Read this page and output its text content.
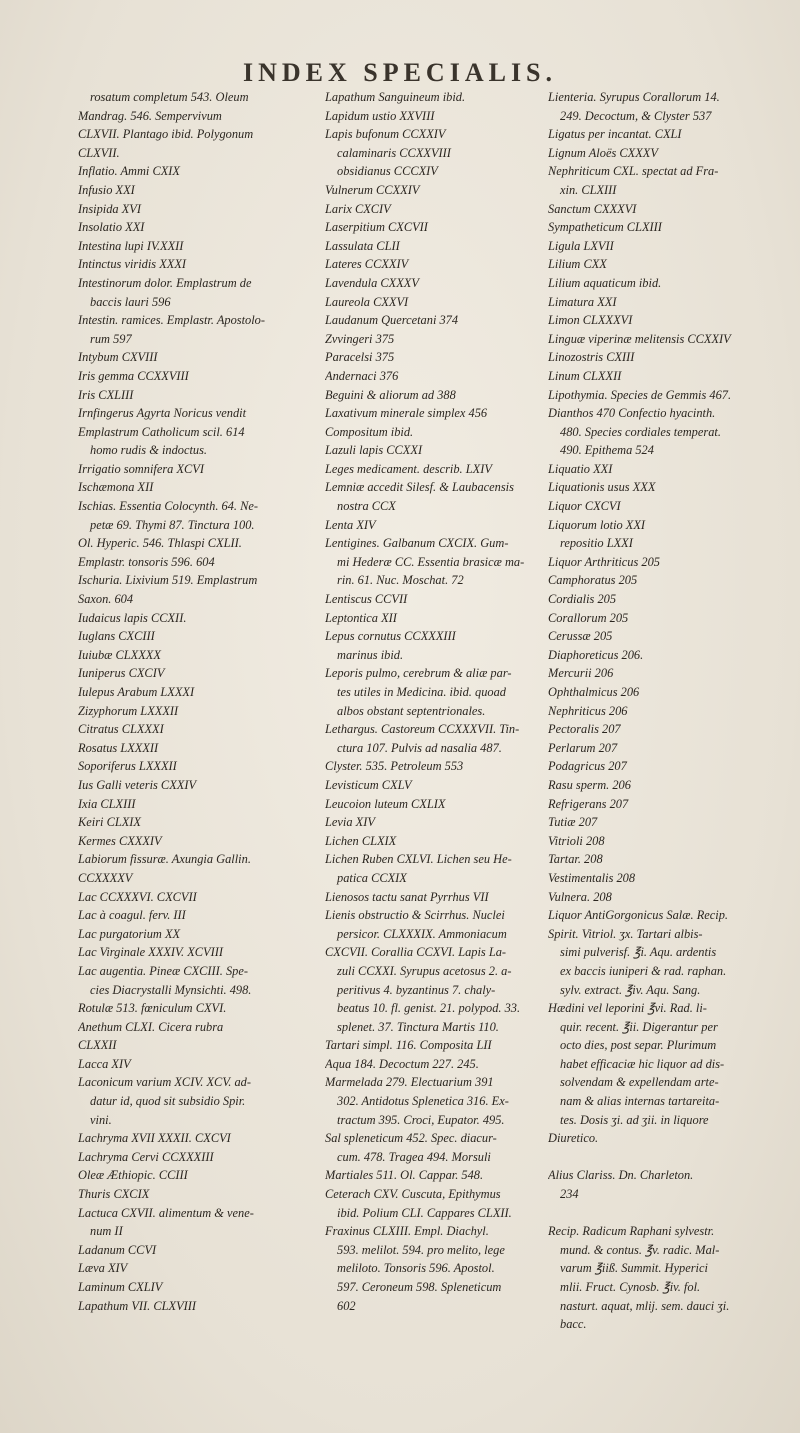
INDEX SPECIALIS.
rosatum completum 543. Oleum
Mandrag. 546. Sempervivum
CLXVII. Plantago ibid. Polygonum
CLXVII.
Inflatio. Ammi CXIX
Infusio XXI
Insipida XVI
Insolatio XXI
Intestina lupi IV.XXII
Intinctus viridis XXXI
Intestinorum dolor. Emplastrum de
baccis lauri 596
Intestin. ramices. Emplastr. Apostolo-
rum 597
Intybum CXVIII
Iris gemma CCXXVIII
Iris CXLIII
Irnfingerus Agyrta Noricus vendit
Emplastrum Catholicum scil. 614
homo rudis & indoctus.
Irrigatio somnifera XCVI
Ischæmona XII
Ischias. Essentia Colocynth. 64. Ne-
petæ 69. Thymi 87. Tinctura 100.
Ol. Hyperic. 546. Thlaspi CXLII.
Emplastr. tonsoris 596. 604
Ischuria. Lixivium 519. Emplastrum
Saxon. 604
Iudaicus lapis CCXII.
Iuglans CXCIII
Iuiubæ CLXXXX
Iuniperus CXCIV
Iulepus Arabum LXXXI
Zizyphorum LXXXII
Citratus CLXXXI
Rosatus LXXXII
Soporiferus LXXXII
Ius Galli veteris CXXIV
Ixia CLXIII
Keiri CLXIX
Kermes CXXXIV
Labiorum fissuræ. Axungia Gallin.
CCXXXXV
Lac CCXXXVI. CXCVII
Lac à coagul. ferv. III
Lac purgatorium XX
Lac Virginale XXXIV. XCVIII
Lac augentia. Pineæ CXCIII. Spe-
cies Diacrystalli Mynsichti. 498.
Rotulæ 513. fœniculum CXVI.
Anethum CLXI. Cicera rubra
CLXXII
Lacca XIV
Laconicum varium XCIV. XCV. ad-
datur id, quod sit subsidio Spir.
vini.
Lachryma XVII XXXII. CXCVI
Lachryma Cervi CCXXXIII
Oleæ Æthiopic. CCIII
Thuris CXCIX
Lactuca CXVII. alimentum & vene-
num II
Ladanum CCVI
Læva XIV
Laminum CXLIV
Lapathum VII. CLXVIII
Lapathum Sanguineum ibid.
Lapidum ustio XXVIII
Lapis bufonum CCXXIV
calaminaris CCXXVIII
obsidianus CCCXIV
Vulnerum CCXXIV
Larix CXCIV
Laserpitium CXCVII
Lassulata CLII
Lateres CCXXIV
Lavendula CXXXV
Laureola CXXVI
Laudanum Quercetani 374
Zvvingeri 375
Paracelsi 375
Andernaci 376
Beguini & aliorum ad 388
Laxativum minerale simplex 456
Compositum ibid.
Lazuli lapis CCXXI
Leges medicament. describ. LXIV
Lemniæ accedit Silesf. & Laubacensis
nostra CCX
Lenta XIV
Lentigines. Galbanum CXCIX. Gum-
mi Hederæ CC. Essentia brasicæ ma-
rin. 61. Nuc. Moschat. 72
Lentiscus CCVII
Leptontica XII
Lepus cornutus CCXXXIII
marinus ibid.
Leporis pulmo, cerebrum & aliæ par-
tes utiles in Medicina. ibid. quoad
albos obstant septentrionales.
Lethargus. Castoreum CCXXXVII. Tin-
ctura 107. Pulvis ad nasalia 487.
Clyster. 535. Petroleum 553
Levisticum CXLV
Leucoion luteum CXLIX
Levia XIV
Lichen CLXIX
Lichen Ruben CXLVI. Lichen seu He-
patica CCXIX
Lienosos tactu sanat Pyrrhus VII
Lienis obstructio & Scirrhus. Nuclei
persicor. CLXXXIX. Ammoniacum
CXCVII. Corallia CCXVI. Lapis La-
zuli CCXXI. Syrupus acetosus 2. a-
peritivus 4. byzantinus 7. chaly-
beatus 10. fl. genist. 21. polypod. 33.
splenet. 37. Tinctura Martis 110.
Tartari simpl. 116. Composita LII
Aqua 184. Decoctum 227. 245.
Marmelada 279. Electuarium 391
302. Antidotus Splenetica 316. Ex-
tractum 395. Croci, Eupator. 495.
Sal spleneticum 452. Spec. diacur-
cum. 478. Tragea 494. Morsuli
Martiales 511. Ol. Cappar. 548.
Ceterach CXV. Cuscuta, Epithymus
ibid. Polium CLI. Cappares CLXII.
Fraxinus CLXIII. Empl. Diachyl.
593. melilot. 594. pro melito, lege
meliloto. Tonsoris 596. Apostol.
597. Ceroneum 598. Spleneticum
602
Lienteria. Syrupus Corallorum 14.
249. Decoctum, & Clyster 537
Ligatus per incantat. CXLI
Lignum Aloës CXXXV
Nephriticum CXL. spectat ad Fra-
xin. CLXIII
Sanctum CXXXVI
Sympatheticum CLXIII
Ligula LXVII
Lilium CXX
Lilium aquaticum ibid.
Limatura XXI
Limon CLXXXVI
Linguæ viperinæ melitensis CCXXIV
Linozostris CXIII
Linum CLXXII
Lipothymia. Species de Gemmis 467.
Dianthos 470 Confectio hyacinth.
480. Species cordiales temperat.
490. Epithema 524
Liquatio XXI
Liquationis usus XXX
Liquor CXCVI
Liquorum lotio XXI
repositio LXXI
Liquor Arthriticus 205
Camphoratus 205
Cordialis 205
Corallorum 205
Cerussæ 205
Diaphoreticus 206.
Mercurii 206
Ophthalmicus 206
Nephriticus 206
Pectoralis 207
Perlarum 207
Podagricus 207
Rasu sperm. 206
Refrigerans 207
Tutiæ 207
Vitrioli 208
Tartar. 208
Vestimentalis 208
Vulnera. 208
Liquor AntiGorgonicus Salæ. Recip.
Spirit. Vitriol. ʒx. Tartari albis-
simi pulverisf. ℥i. Aqu. ardentis
ex baccis iuniperi & rad. raphan.
sylv. extract. ℥iv. Aqu. Sang.
Hædini vel leporini ℥vi. Rad. li-
quir. recent. ℥ii. Digerantur per
octo dies, post separ. Plurimum
habet efficaciæ hic liquor ad dis-
solvendam & expellendam arte-
nam & alias internas tartareita-
tes. Dosis ʒi. ad ʒii. in liquore
Diuretico.

Alius Clariss. Dn. Charleton.
234

Recip. Radicum Raphani sylvestr.
mund. & contus. ℥v. radic. Mal-
varum ℥iiß. Summit. Hyperici
mlii. Fruct. Cynosb. ℥iv. fol.
nasturt. aquat, mlij. sem. dauci ʒi.
bacc.
